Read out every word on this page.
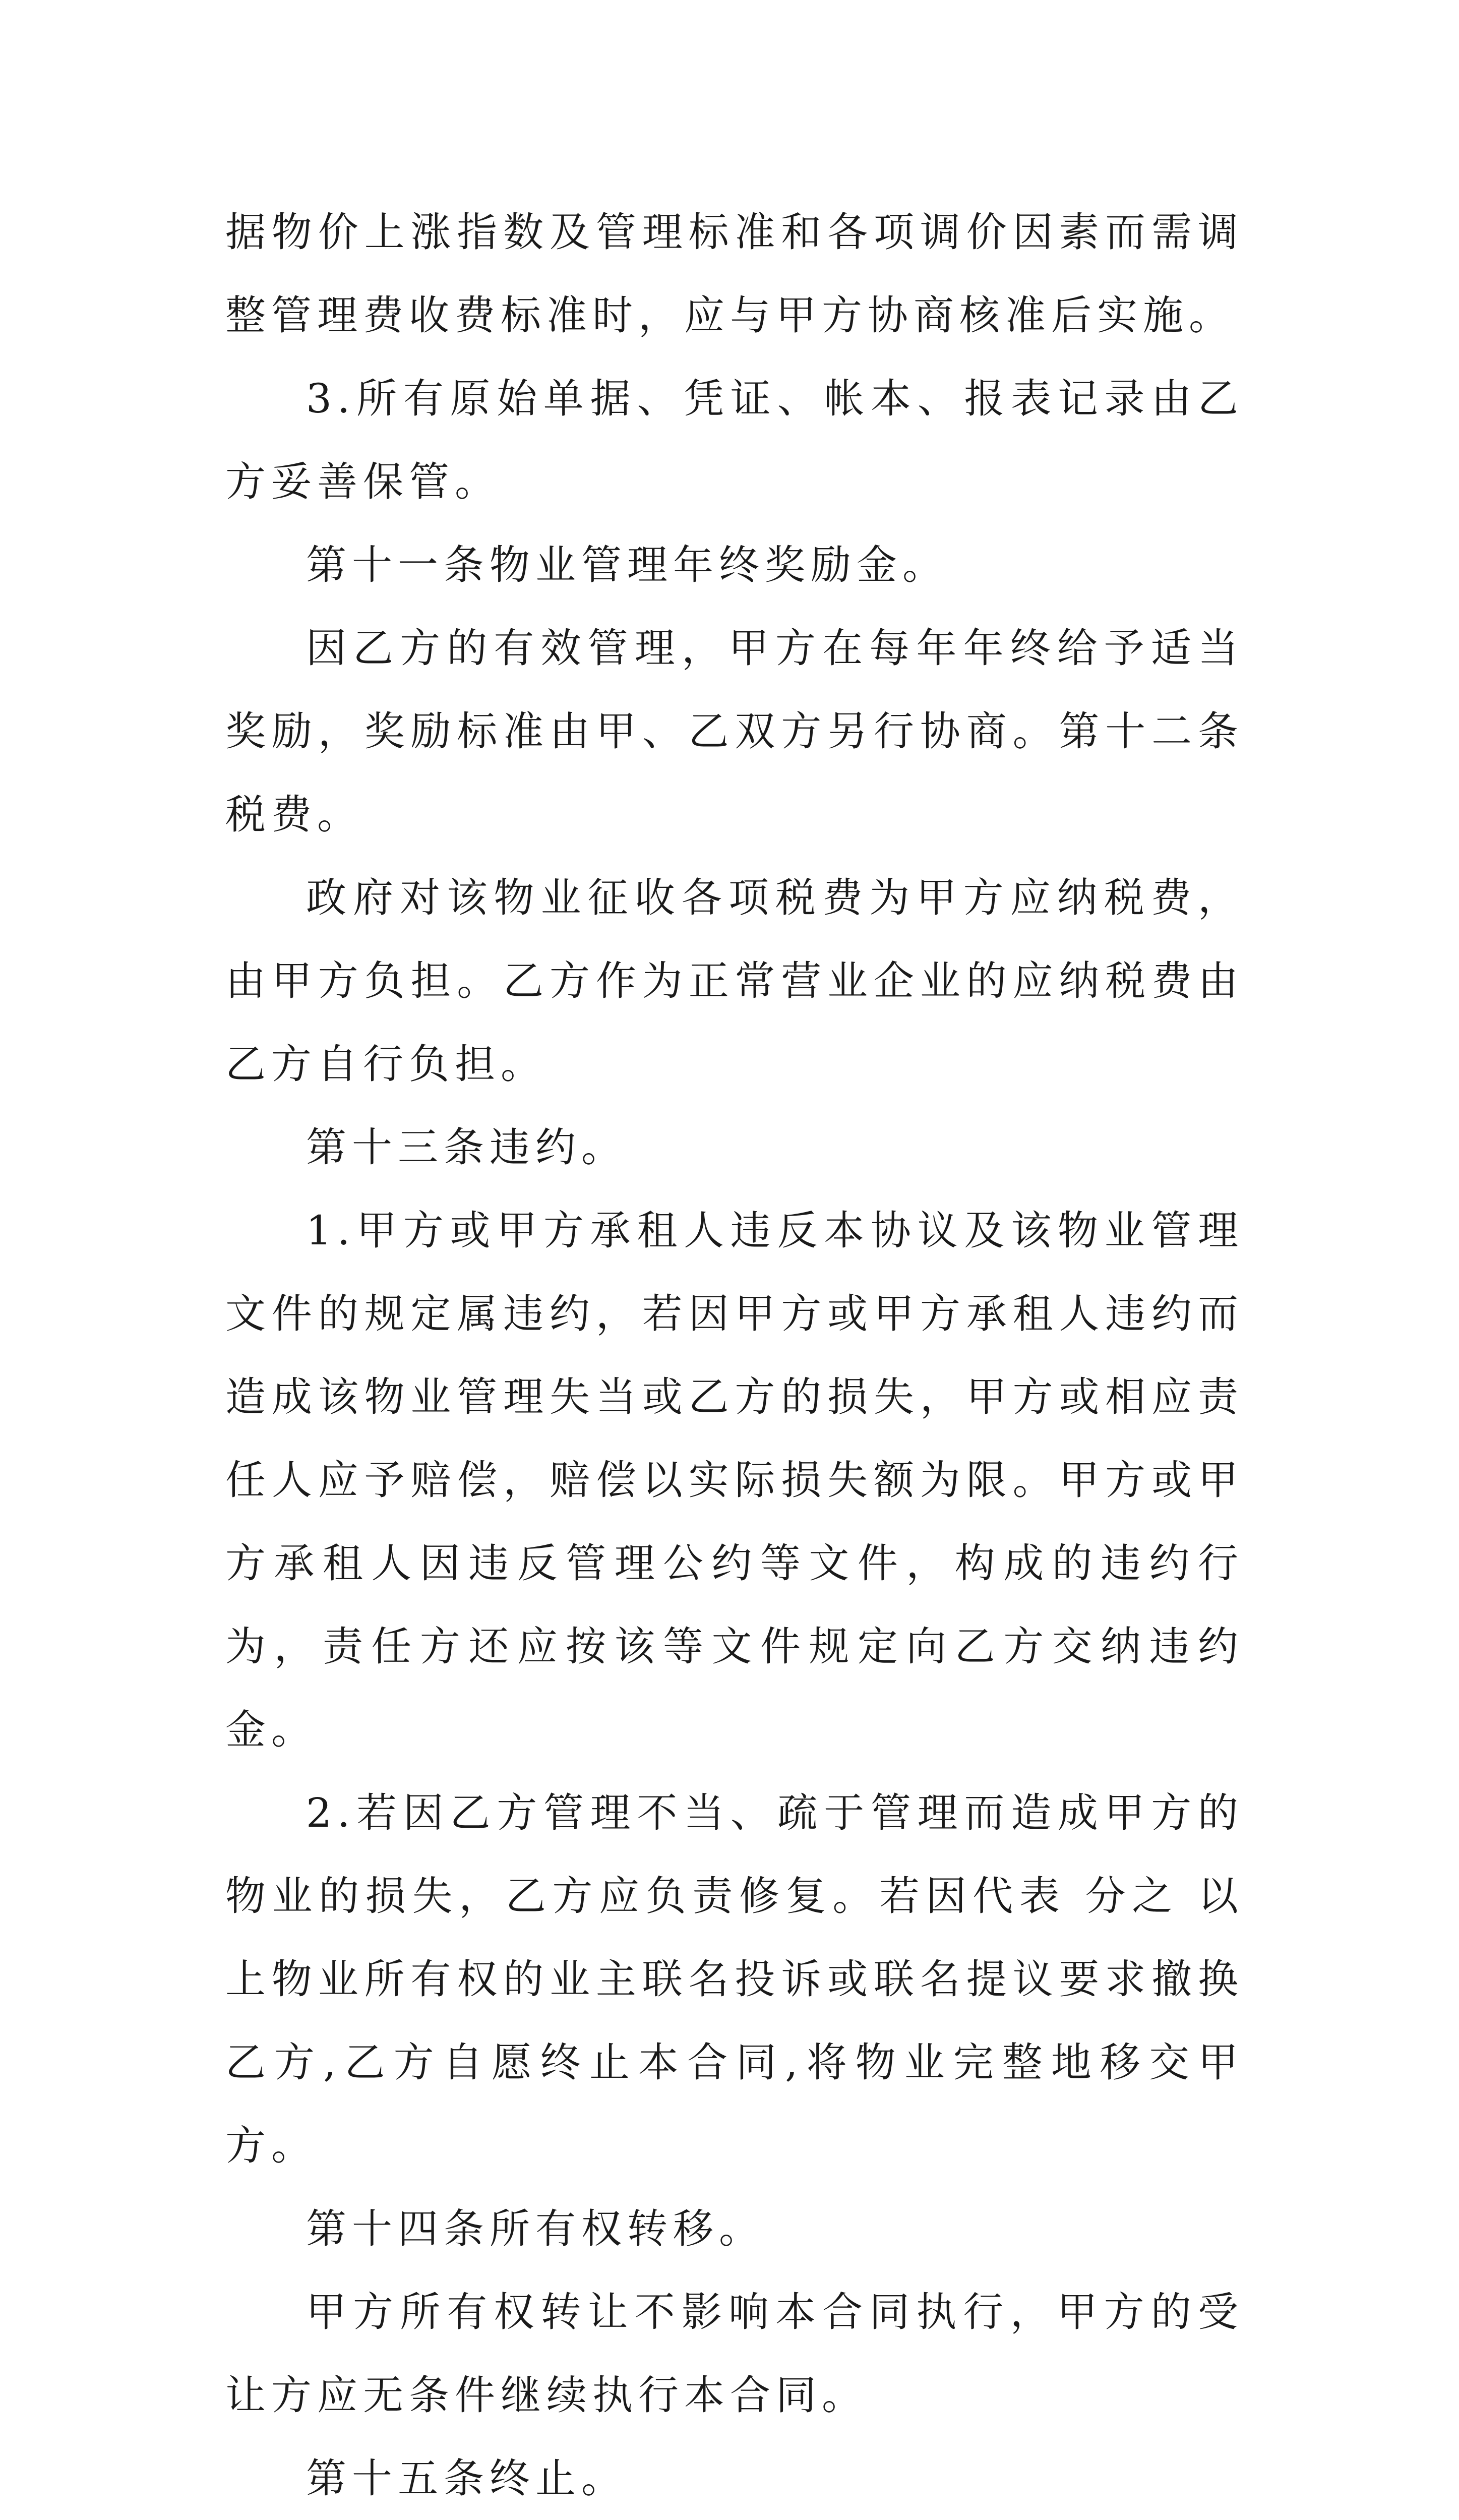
据物价上涨指数及管理标准和各项调价因素而需调整管理费收费标准时，应与甲方协商核准后实施。

3.所有原始单据、凭证、帐本、报表记录由乙方妥善保管。

第十一条物业管理年终奖励金。

因乙方的有效管理，甲方在每年年终给予适当奖励，奖励标准由甲、乙双方另行协商。第十二条税费。

政府对该物业征收各项税费为甲方应纳税费，由甲方负担。乙方作为正常营业企业的应纳税费由乙方自行负担。

第十三条违约。

1.甲方或甲方承租人违反本协议及该物业管理文件的规定属违约，若因甲方或甲方承租人违约而造成该物业管理失当或乙方的损失，甲方或相应责任人应予赔偿，赔偿以实际损失额为限。甲方或甲方承租人因违反管理公约等文件，构成的违约行为，责任方还应按该等文件规定向乙方交纳违约金。

2.若因乙方管理不当、疏于管理而造成甲方的物业的损失，乙方应负责修复。若因代表 分之 以上物业所有权的业主联名投诉或联名提议要求撤换乙方,乙方自愿终止本合同,将物业完整地移交甲方。

第十四条所有权转移。

甲方所有权转让不影响本合同执行，甲方的受让方应无条件继续执行本合同。

第十五条终止。
